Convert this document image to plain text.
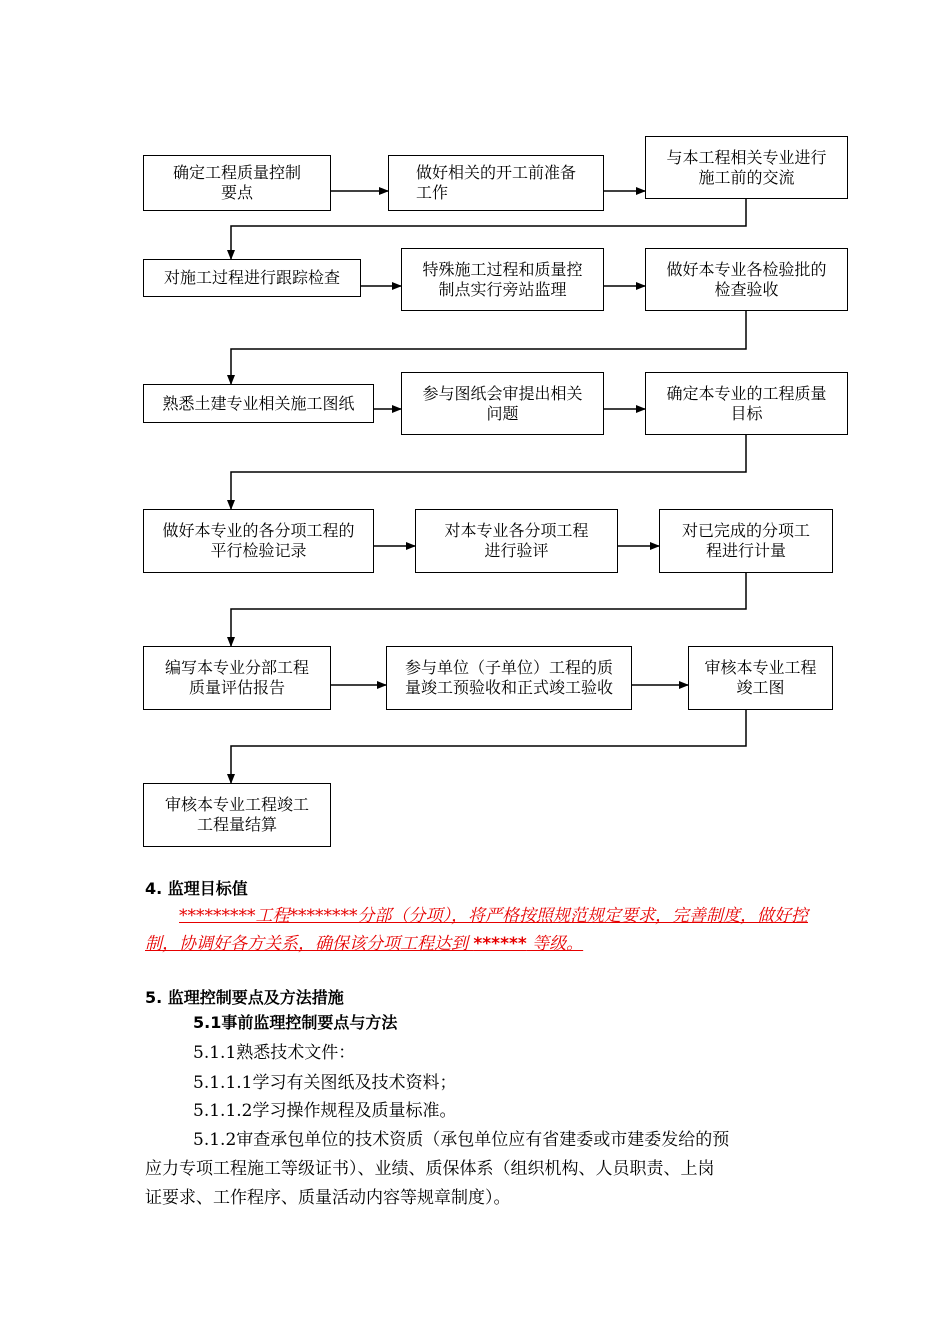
确定工程质量控制
要点
做好相关的开工前准备
工作
与本工程相关专业进行
施工前的交流
对施工过程进行跟踪检查	特殊施工过程和质量控
制点实行旁站监理
做好本专业各检验批的
检查验收
熟悉土建专业相关施工图纸
参与图纸会审提出相关
问题
确定本专业的工程质量
目标
做好本专业的各分项工程的
平行检验记录
对本专业各分项工程
进行验评
对已完成的分项工
程进行计量
编写本专业分部工程
质量评估报告
参与单位（子单位）工程的质
量竣工预验收和正式竣工验收
审核本专业工程
竣工图
审核本专业工程竣工
工程量结算
4. 监理目标值
*********工程********分部（分项），将严格按照规范规定要求，完善制度，做好控制，协调好各方关系，确保该分项工程达到 ****** 等级。
5. 监理控制要点及方法措施
5.1事前监理控制要点与方法
5.1.1熟悉技术文件：
5.1.1.1学习有关图纸及技术资料；
5.1.1.2学习操作规程及质量标准。
5.1.2审查承包单位的技术资质（承包单位应有省建委或市建委发给的预
应力专项工程施工等级证书）、业绩、质保体系（组织机构、人员职责、上岗
证要求、工作程序、质量活动内容等规章制度）。
